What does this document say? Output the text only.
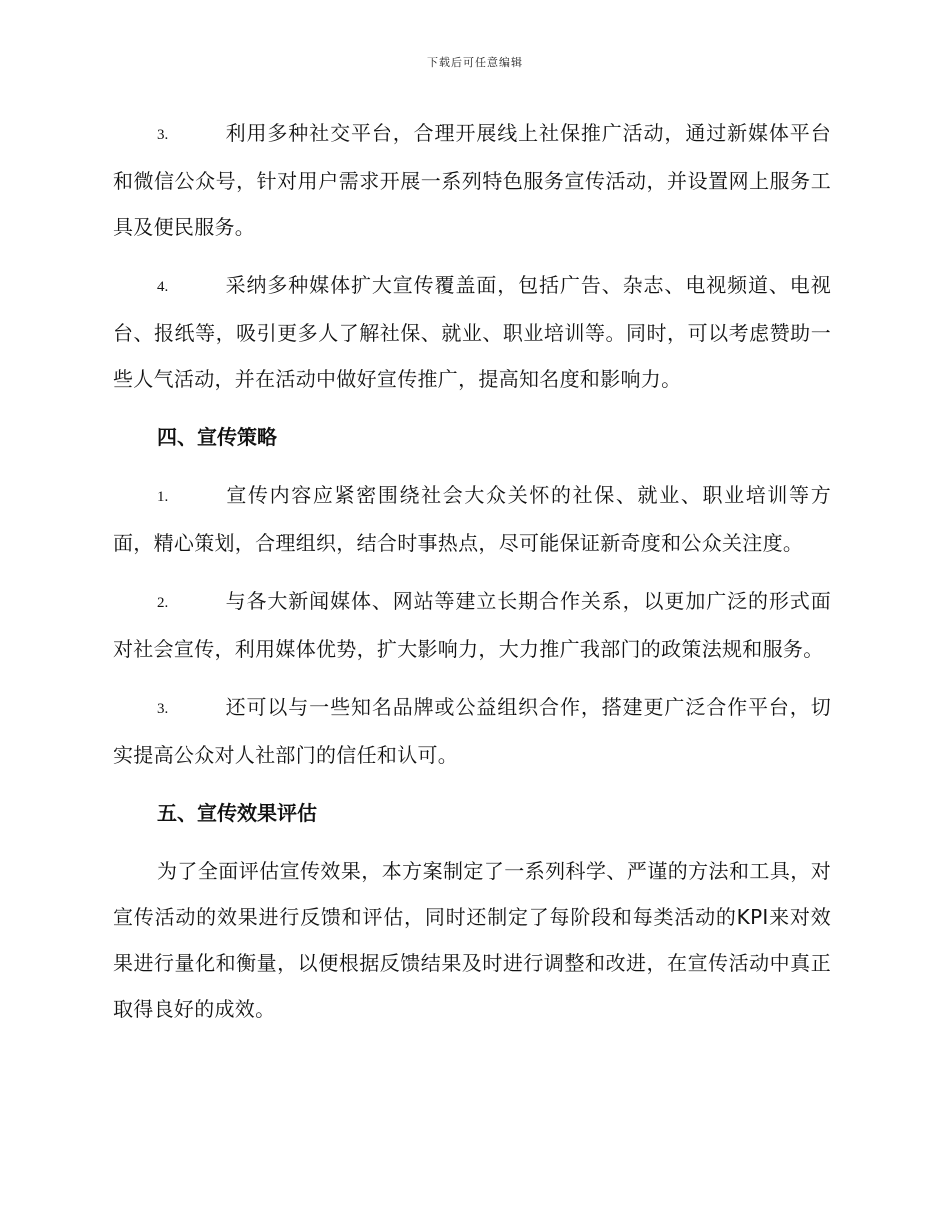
下载后可任意编辑

3.	利用多种社交平台，合理开展线上社保推广活动，通过新媒体平台和微信公众号，针对用户需求开展一系列特色服务宣传活动，并设置网上服务工具及便民服务。

4.	采纳多种媒体扩大宣传覆盖面，包括广告、杂志、电视频道、电视台、报纸等，吸引更多人了解社保、就业、职业培训等。同时，可以考虑赞助一些人气活动，并在活动中做好宣传推广，提高知名度和影响力。

四、宣传策略

1.	宣传内容应紧密围绕社会大众关怀的社保、就业、职业培训等方面，精心策划，合理组织，结合时事热点，尽可能保证新奇度和公众关注度。

2.	与各大新闻媒体、网站等建立长期合作关系，以更加广泛的形式面对社会宣传，利用媒体优势，扩大影响力，大力推广我部门的政策法规和服务。

3.	还可以与一些知名品牌或公益组织合作，搭建更广泛合作平台，切实提高公众对人社部门的信任和认可。

五、宣传效果评估

为了全面评估宣传效果，本方案制定了一系列科学、严谨的方法和工具，对宣传活动的效果进行反馈和评估，同时还制定了每阶段和每类活动的KPI来对效果进行量化和衡量，以便根据反馈结果及时进行调整和改进，在宣传活动中真正取得良好的成效。
